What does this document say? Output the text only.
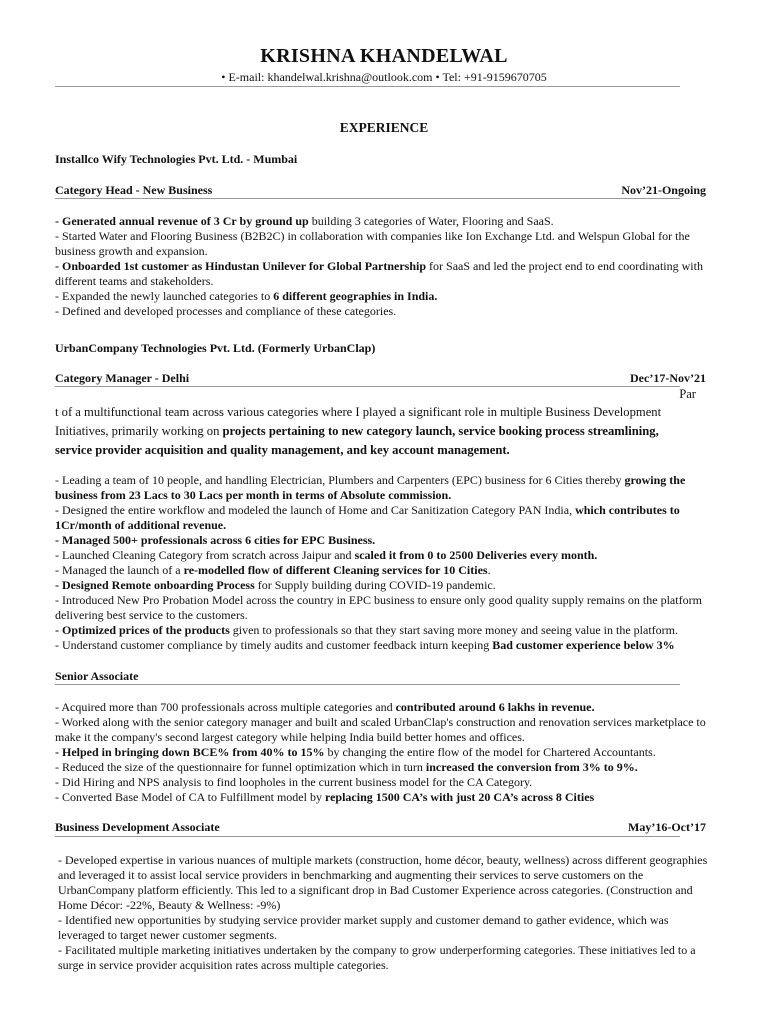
KRISHNA KHANDELWAL
• E-mail: khandelwal.krishna@outlook.com • Tel: +91-9159670705
EXPERIENCE
Installco Wify Technologies Pvt. Ltd. - Mumbai
Category Head - New Business	Nov’21-Ongoing

- Generated annual revenue of 3 Cr by ground up building 3 categories of Water, Flooring and SaaS.

- Started Water and Flooring Business (B2B2C) in collaboration with companies like Ion Exchange Ltd. and Welspun Global for the business growth and expansion.

- Onboarded 1st customer as Hindustan Unilever for Global Partnership for SaaS and led the project end to end coordinating with different teams and stakeholders.

- Expanded the newly launched categories to 6 different geographies in India.

- Defined and developed processes and compliance of these categories.

UrbanCompany Technologies Pvt. Ltd. (Formerly UrbanClap)
Category Manager - Delhi	Dec’17-Nov’21
Par

t of a multifunctional team across various categories where I played a significant role in multiple Business Development

Initiatives, primarily working on projects pertaining to new category launch, service booking process streamlining,

service provider acquisition and quality management, and key account management.

- Leading a team of 10 people, and handling Electrician, Plumbers and Carpenters (EPC) business for 6 Cities thereby growing the business from 23 Lacs to 30 Lacs per month in terms of Absolute commission.

- Designed the entire workflow and modeled the launch of Home and Car Sanitization Category PAN India, which contributes to 1Cr/month of additional revenue.

- Managed 500+ professionals across 6 cities for EPC Business.

- Launched Cleaning Category from scratch across Jaipur and scaled it from 0 to 2500 Deliveries every month.

- Managed the launch of a re-modelled flow of different Cleaning services for 10 Cities.

- Designed Remote onboarding Process for Supply building during COVID-19 pandemic.

- Introduced New Pro Probation Model across the country in EPC business to ensure only good quality supply remains on the platform delivering best service to the customers.

- Optimized prices of the products given to professionals so that they start saving more money and seeing value in the platform.

- Understand customer compliance by timely audits and customer feedback inturn keeping Bad customer experience below 3%

Senior Associate

- Acquired more than 700 professionals across multiple categories and contributed around 6 lakhs in revenue.

- Worked along with the senior category manager and built and scaled UrbanClap's construction and renovation services marketplace to make it the company's second largest category while helping India build better homes and offices.

- Helped in bringing down BCE% from 40% to 15% by changing the entire flow of the model for Chartered Accountants.

- Reduced the size of the questionnaire for funnel optimization which in turn increased the conversion from 3% to 9%.

- Did Hiring and NPS analysis to find loopholes in the current business model for the CA Category.

- Converted Base Model of CA to Fulfillment model by replacing 1500 CA’s with just 20 CA’s across 8 Cities

Business Development Associate	May’16-Oct’17

- Developed expertise in various nuances of multiple markets (construction, home décor, beauty, wellness) across different geographies and leveraged it to assist local service providers in benchmarking and augmenting their services to serve customers on the UrbanCompany platform efficiently. This led to a significant drop in Bad Customer Experience across categories. (Construction and Home Décor: -22%, Beauty & Wellness: -9%)

- Identified new opportunities by studying service provider market supply and customer demand to gather evidence, which was leveraged to target newer customer segments.

- Facilitated multiple marketing initiatives undertaken by the company to grow underperforming categories. These initiatives led to a surge in service provider acquisition rates across multiple categories.
